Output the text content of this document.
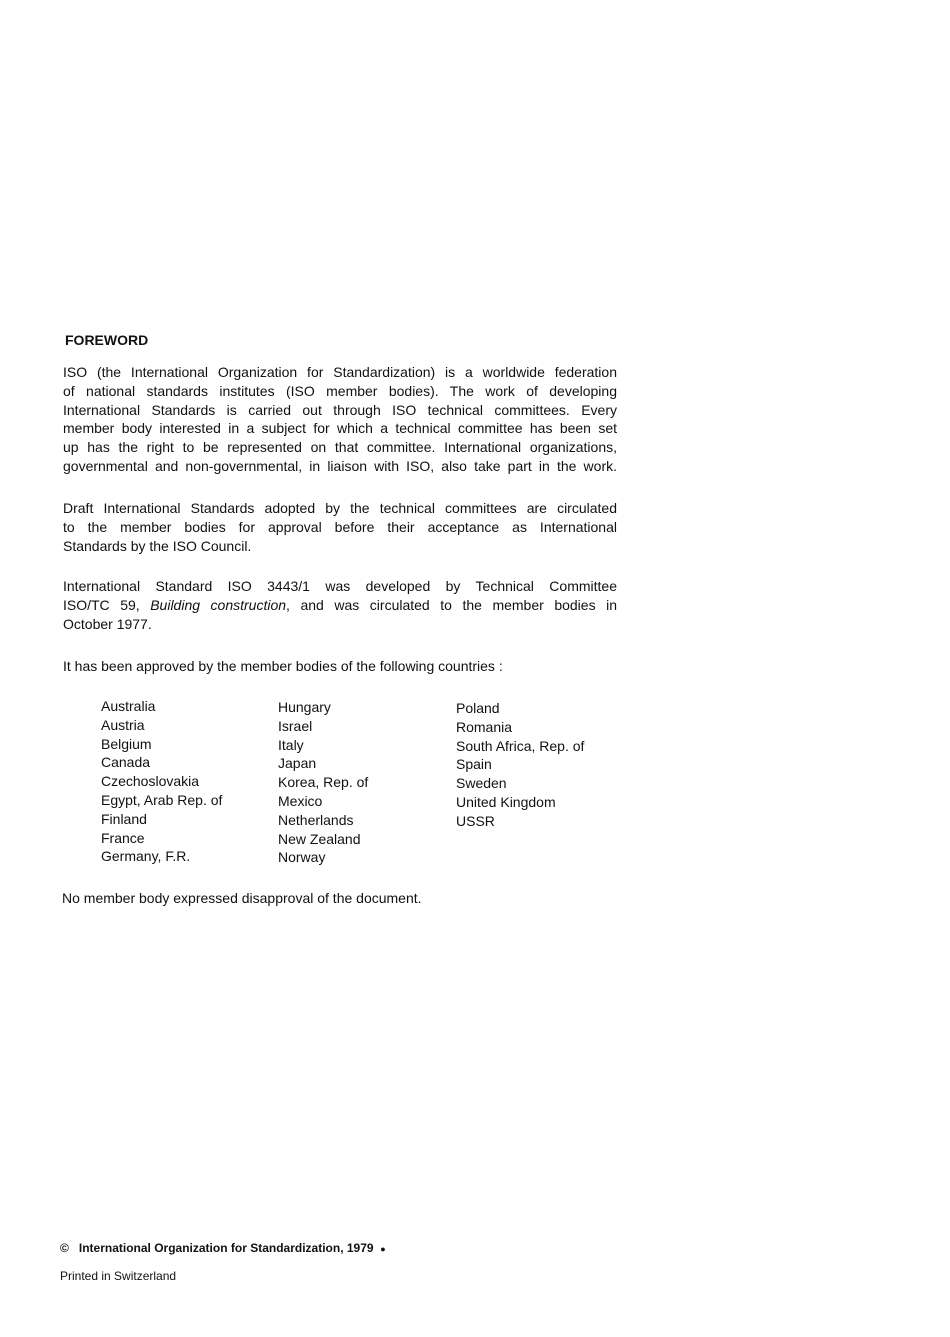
FOREWORD
ISO (the International Organization for Standardization) is a worldwide federation
of national standards institutes (ISO member bodies). The work of developing
International Standards is carried out through ISO technical committees. Every
member body interested in a subject for which a technical committee has been set
up has the right to be represented on that committee. International organizations,
governmental and non-governmental, in liaison with ISO, also take part in the work.
Draft International Standards adopted by the technical committees are circulated
to the member bodies for approval before their acceptance as International
Standards by the ISO Council.
International Standard ISO 3443/1 was developed by Technical Committee
ISO/TC 59, Building construction, and was circulated to the member bodies in
October 1977.
It has been approved by the member bodies of the following countries :
Australia
Austria
Belgium
Canada
Czechoslovakia
Egypt, Arab Rep. of
Finland
France
Germany, F.R.
Hungary
Israel
Italy
Japan
Korea, Rep. of
Mexico
Netherlands
New Zealand
Norway
Poland
Romania
South Africa, Rep. of
Spain
Sweden
United Kingdom
USSR
No member body expressed disapproval of the document.
© International Organization for Standardization, 1979 ●
Printed in Switzerland
